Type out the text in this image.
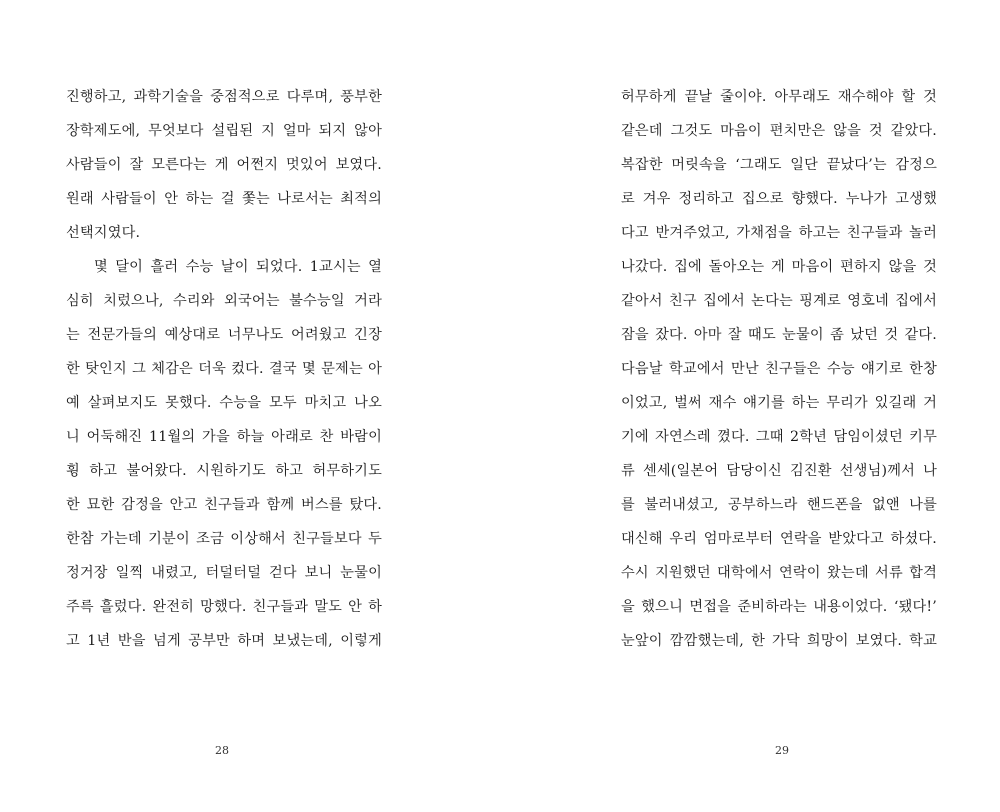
진행하고, 과학기술을 중점적으로 다루며, 풍부한
장학제도에, 무엇보다 설립된 지 얼마 되지 않아
사람들이 잘 모른다는 게 어쩐지 멋있어 보였다.
원래 사람들이 안 하는 걸 쫓는 나로서는 최적의
선택지였다.
몇 달이 흘러 수능 날이 되었다. 1교시는 열
심히 치렀으나, 수리와 외국어는 불수능일 거라
는 전문가들의 예상대로 너무나도 어려웠고 긴장
한 탓인지 그 체감은 더욱 컸다. 결국 몇 문제는 아
예 살펴보지도 못했다. 수능을 모두 마치고 나오
니 어둑해진 11월의 가을 하늘 아래로 찬 바람이
휭 하고 불어왔다. 시원하기도 하고 허무하기도
한 묘한 감정을 안고 친구들과 함께 버스를 탔다.
한참 가는데 기분이 조금 이상해서 친구들보다 두
정거장 일찍 내렸고, 터덜터덜 걷다 보니 눈물이
주륵 흘렀다. 완전히 망했다. 친구들과 말도 안 하
고 1년 반을 넘게 공부만 하며 보냈는데, 이렇게
28
허무하게 끝날 줄이야. 아무래도 재수해야 할 것
같은데 그것도 마음이 편치만은 않을 것 같았다.
복잡한 머릿속을 ‘그래도 일단 끝났다’는 감정으
로 겨우 정리하고 집으로 향했다. 누나가 고생했
다고 반겨주었고, 가채점을 하고는 친구들과 놀러
나갔다. 집에 돌아오는 게 마음이 편하지 않을 것
같아서 친구 집에서 논다는 핑계로 영호네 집에서
잠을 잤다. 아마 잘 때도 눈물이 좀 났던 것 같다.
다음날 학교에서 만난 친구들은 수능 얘기로 한창
이었고, 벌써 재수 얘기를 하는 무리가 있길래 거
기에 자연스레 꼈다. 그때 2학년 담임이셨던 키무
류 센세(일본어 담당이신 김진환 선생님)께서 나
를 불러내셨고, 공부하느라 핸드폰을 없앤 나를
대신해 우리 엄마로부터 연락을 받았다고 하셨다.
수시 지원했던 대학에서 연락이 왔는데 서류 합격
을 했으니 면접을 준비하라는 내용이었다. ‘됐다!’
눈앞이 깜깜했는데, 한 가닥 희망이 보였다. 학교
29
